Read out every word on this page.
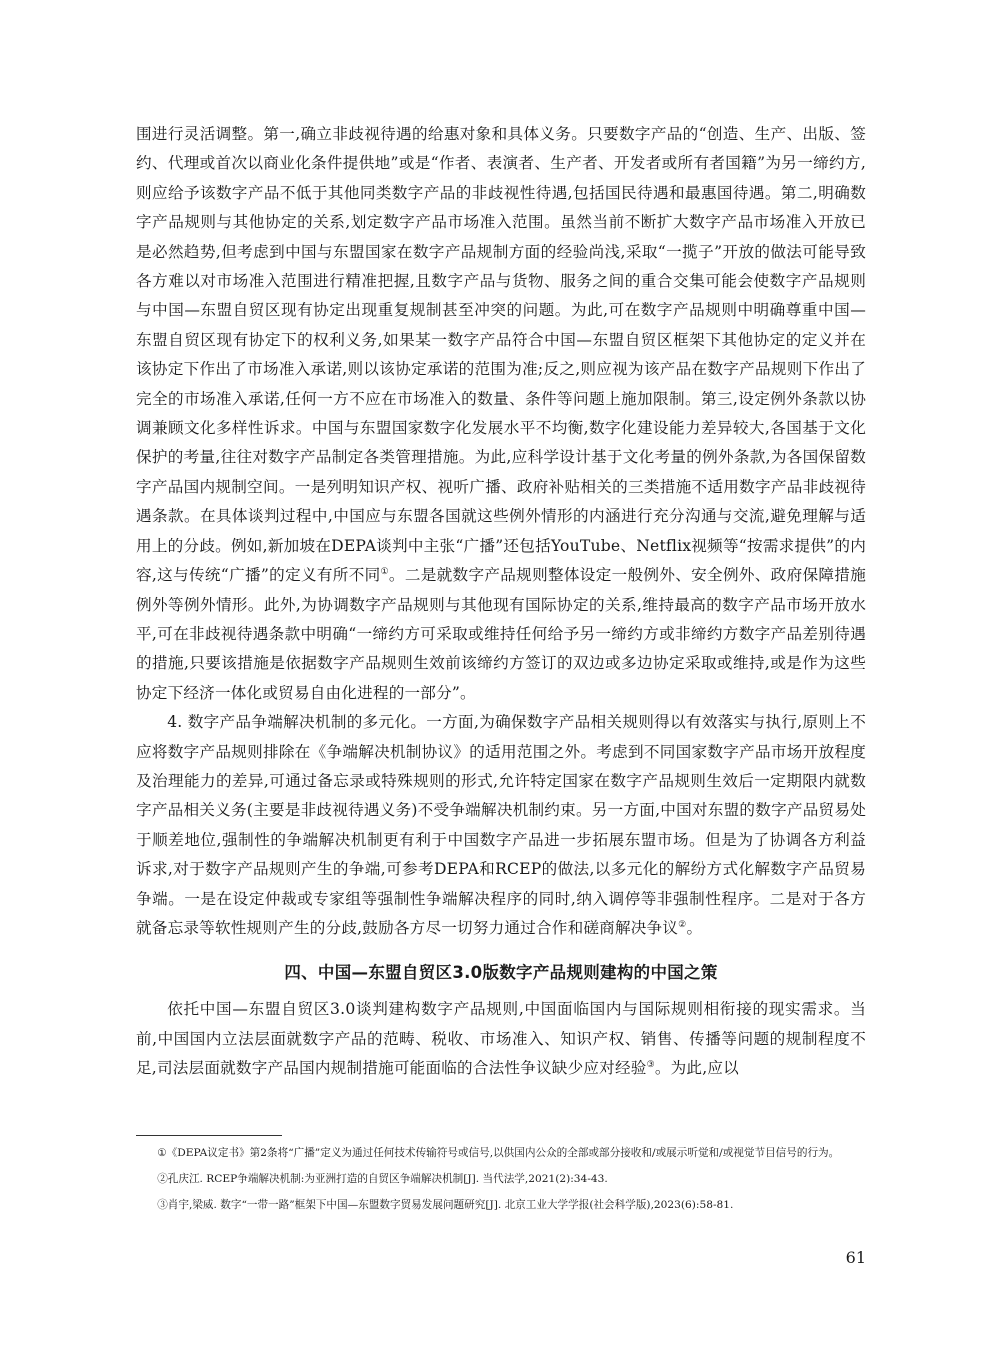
围进行灵活调整。第一,确立非歧视待遇的给惠对象和具体义务。只要数字产品的“创造、生产、出版、签约、代理或首次以商业化条件提供地”或是“作者、表演者、生产者、开发者或所有者国籍”为另一缔约方,则应给予该数字产品不低于其他同类数字产品的非歧视性待遇,包括国民待遇和最惠国待遇。第二,明确数字产品规则与其他协定的关系,划定数字产品市场准入范围。虽然当前不断扩大数字产品市场准入开放已是必然趋势,但考虑到中国与东盟国家在数字产品规制方面的经验尚浅,采取“一揽子”开放的做法可能导致各方难以对市场准入范围进行精准把握,且数字产品与货物、服务之间的重合交集可能会使数字产品规则与中国—东盟自贸区现有协定出现重复规制甚至冲突的问题。为此,可在数字产品规则中明确尊重中国—东盟自贸区现有协定下的权利义务,如果某一数字产品符合中国—东盟自贸区框架下其他协定的定义并在该协定下作出了市场准入承诺,则以该协定承诺的范围为准;反之,则应视为该产品在数字产品规则下作出了完全的市场准入承诺,任何一方不应在市场准入的数量、条件等问题上施加限制。第三,设定例外条款以协调兼顾文化多样性诉求。中国与东盟国家数字化发展水平不均衡,数字化建设能力差异较大,各国基于文化保护的考量,往往对数字产品制定各类管理措施。为此,应科学设计基于文化考量的例外条款,为各国保留数字产品国内规制空间。一是列明知识产权、视听广播、政府补贴相关的三类措施不适用数字产品非歧视待遇条款。在具体谈判过程中,中国应与东盟各国就这些例外情形的内涵进行充分沟通与交流,避免理解与适用上的分歧。例如,新加坡在DEPA谈判中主张“广播”还包括YouTube、Netflix视频等“按需求提供”的内容,这与传统“广播”的定义有所不同①。二是就数字产品规则整体设定一般例外、安全例外、政府保障措施例外等例外情形。此外,为协调数字产品规则与其他现有国际协定的关系,维持最高的数字产品市场开放水平,可在非歧视待遇条款中明确“一缔约方可采取或维持任何给予另一缔约方或非缔约方数字产品差别待遇的措施,只要该措施是依据数字产品规则生效前该缔约方签订的双边或多边协定采取或维持,或是作为这些协定下经济一体化或贸易自由化进程的一部分”。

4. 数字产品争端解决机制的多元化。一方面,为确保数字产品相关规则得以有效落实与执行,原则上不应将数字产品规则排除在《争端解决机制协议》的适用范围之外。考虑到不同国家数字产品市场开放程度及治理能力的差异,可通过备忘录或特殊规则的形式,允许特定国家在数字产品规则生效后一定期限内就数字产品相关义务(主要是非歧视待遇义务)不受争端解决机制约束。另一方面,中国对东盟的数字产品贸易处于顺差地位,强制性的争端解决机制更有利于中国数字产品进一步拓展东盟市场。但是为了协调各方利益诉求,对于数字产品规则产生的争端,可参考DEPA和RCEP的做法,以多元化的解纷方式化解数字产品贸易争端。一是在设定仲裁或专家组等强制性争端解决程序的同时,纳入调停等非强制性程序。二是对于各方就备忘录等软性规则产生的分歧,鼓励各方尽一切努力通过合作和磋商解决争议②。

四、中国—东盟自贸区3.0版数字产品规则建构的中国之策

依托中国—东盟自贸区3.0谈判建构数字产品规则,中国面临国内与国际规则相衔接的现实需求。当前,中国国内立法层面就数字产品的范畴、税收、市场准入、知识产权、销售、传播等问题的规制程度不足,司法层面就数字产品国内规制措施可能面临的合法性争议缺少应对经验③。为此,应以

①《DEPA议定书》第2条将“广播”定义为通过任何技术传输符号或信号,以供国内公众的全部或部分接收和/或展示听觉和/或视觉节目信号的行为。

②孔庆江. RCEP争端解决机制:为亚洲打造的自贸区争端解决机制[J]. 当代法学,2021(2):34-43.

③肖宇,梁威. 数字“一带一路”框架下中国—东盟数字贸易发展问题研究[J]. 北京工业大学学报(社会科学版),2023(6):58-81.

61
